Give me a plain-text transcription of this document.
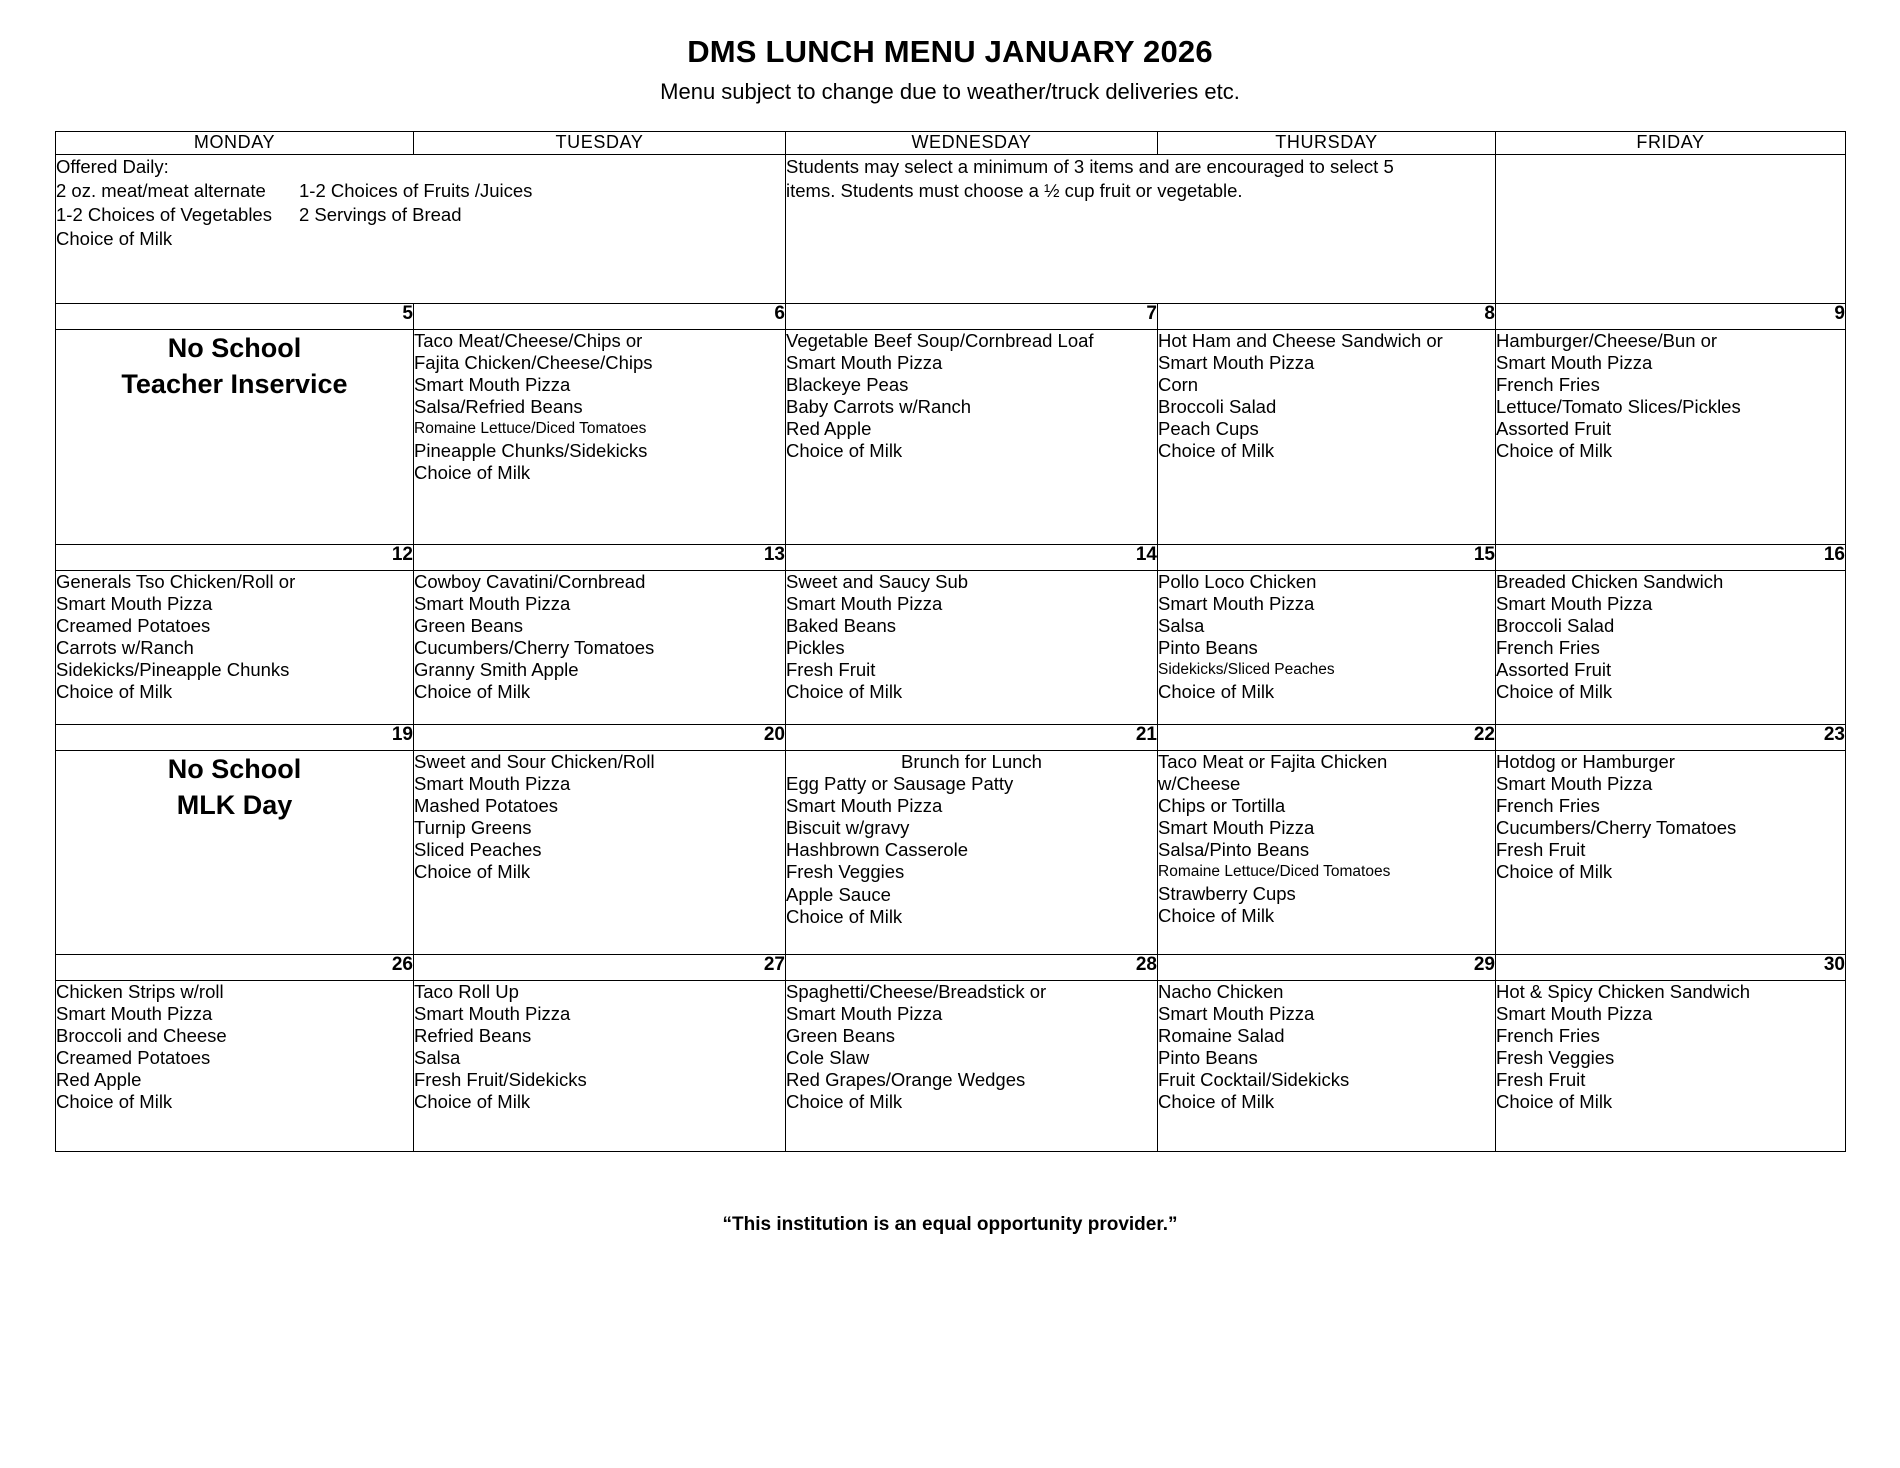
DMS LUNCH MENU JANUARY 2026
Menu subject to change due to weather/truck deliveries etc.
MONDAY	TUESDAY	WEDNESDAY	THURSDAY	FRIDAY

Offered Daily:
2 oz. meat/meat alternate	1-2 Choices of Fruits /Juices
1-2 Choices of Vegetables	2 Servings of Bread
Choice of Milk

Students may select a minimum of 3 items and are encouraged to select 5
items. Students must choose a ½ cup fruit or vegetable.

5	6	7	8	9

No School
Teacher Inservice

Taco Meat/Cheese/Chips or
Fajita Chicken/Cheese/Chips
Smart Mouth Pizza
Salsa/Refried Beans
Romaine Lettuce/Diced Tomatoes
Pineapple Chunks/Sidekicks
Choice of Milk

Vegetable Beef Soup/Cornbread Loaf
Smart Mouth Pizza
Blackeye Peas
Baby Carrots w/Ranch
Red Apple
Choice of Milk

Hot Ham and Cheese Sandwich or
Smart Mouth Pizza
Corn
Broccoli Salad
Peach Cups
Choice of Milk

Hamburger/Cheese/Bun or
Smart Mouth Pizza
French Fries
Lettuce/Tomato Slices/Pickles
Assorted Fruit
Choice of Milk

12	13	14	15	16

Generals Tso Chicken/Roll or
Smart Mouth Pizza
Creamed Potatoes
Carrots w/Ranch
Sidekicks/Pineapple Chunks
Choice of Milk

Cowboy Cavatini/Cornbread
Smart Mouth Pizza
Green Beans
Cucumbers/Cherry Tomatoes
Granny Smith Apple
Choice of Milk

Sweet and Saucy Sub
Smart Mouth Pizza
Baked Beans
Pickles
Fresh Fruit
Choice of Milk

Pollo Loco Chicken
Smart Mouth Pizza
Salsa
Pinto Beans
Sidekicks/Sliced Peaches
Choice of Milk

Breaded Chicken Sandwich
Smart Mouth Pizza
Broccoli Salad
French Fries
Assorted Fruit
Choice of Milk

19	20	21	22	23

No School
MLK Day

Sweet and Sour Chicken/Roll
Smart Mouth Pizza
Mashed Potatoes
Turnip Greens
Sliced Peaches
Choice of Milk

Brunch for Lunch
Egg Patty or Sausage Patty
Smart Mouth Pizza
Biscuit w/gravy
Hashbrown Casserole
Fresh Veggies
Apple Sauce
Choice of Milk

Taco Meat or Fajita Chicken
w/Cheese
Chips or Tortilla
Smart Mouth Pizza
Salsa/Pinto Beans
Romaine Lettuce/Diced Tomatoes
Strawberry Cups
Choice of Milk

Hotdog or Hamburger
Smart Mouth Pizza
French Fries
Cucumbers/Cherry Tomatoes
Fresh Fruit
Choice of Milk

26	27	28	29	30

Chicken Strips w/roll
Smart Mouth Pizza
Broccoli and Cheese
Creamed Potatoes
Red Apple
Choice of Milk

Taco Roll Up
Smart Mouth Pizza
Refried Beans
Salsa
Fresh Fruit/Sidekicks
Choice of Milk

Spaghetti/Cheese/Breadstick or
Smart Mouth Pizza
Green Beans
Cole Slaw
Red Grapes/Orange Wedges
Choice of Milk

Nacho Chicken
Smart Mouth Pizza
Romaine Salad
Pinto Beans
Fruit Cocktail/Sidekicks
Choice of Milk

Hot & Spicy Chicken Sandwich
Smart Mouth Pizza
French Fries
Fresh Veggies
Fresh Fruit
Choice of Milk
“This institution is an equal opportunity provider.”
